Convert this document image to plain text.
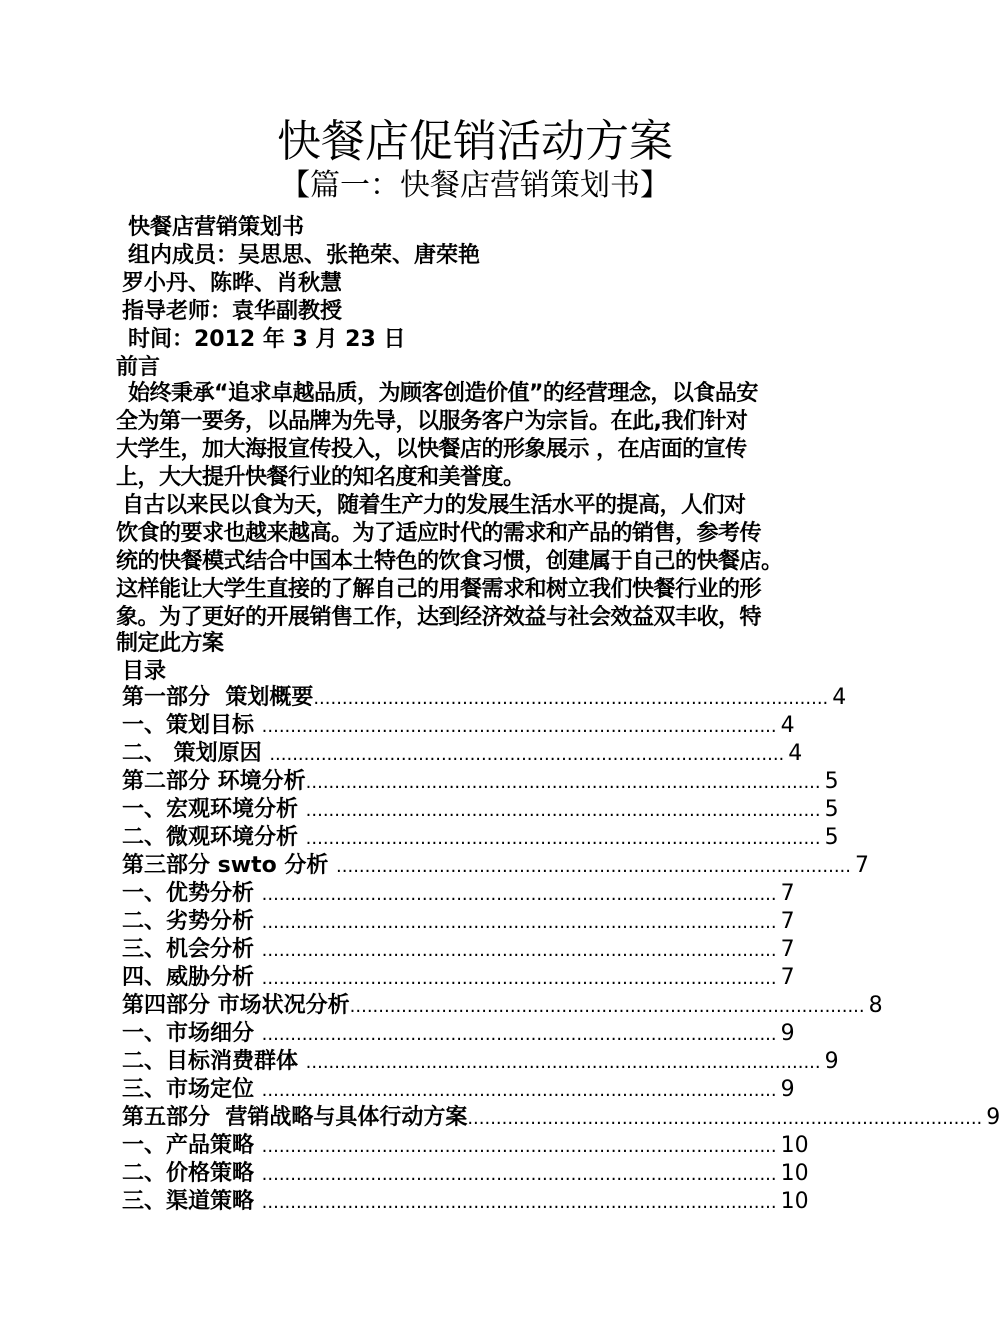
快餐店促销活动方案
【篇一：快餐店营销策划书】
快餐店营销策划书
组内成员：吴思思、张艳荣、唐荣艳
罗小丹、陈晔、肖秋慧
指导老师：袁华副教授
时间：2012 年 3 月 23 日
前言
始终秉承“追求卓越品质，为顾客创造价值”的经营理念，以食品安
全为第一要务，以品牌为先导，以服务客户为宗旨。在此,我们针对
大学生，加大海报宣传投入，以快餐店的形象展示 ，在店面的宣传
上，大大提升快餐行业的知名度和美誉度。
自古以来民以食为天，随着生产力的发展生活水平的提高，人们对
饮食的要求也越来越高。为了适应时代的需求和产品的销售，参考传
统的快餐模式结合中国本土特色的饮食习惯，创建属于自己的快餐店。
这样能让大学生直接的了解自己的用餐需求和树立我们快餐行业的形
象。为了更好的开展销售工作，达到经济效益与社会效益双丰收，特
制定此方案
目录
第一部分  策划概要 .......................................................................................... 4
一、策划目标 .......................................................................................... 4
二、 策划原因 .......................................................................................... 4
第二部分 环境分析 .......................................................................................... 5
一、宏观环境分析 .......................................................................................... 5
二、微观环境分析 .......................................................................................... 5
第三部分 swto 分析 .......................................................................................... 7
一、优势分析 .......................................................................................... 7
二、劣势分析 .......................................................................................... 7
三、机会分析 .......................................................................................... 7
四、威胁分析 .......................................................................................... 7
第四部分 市场状况分析 .......................................................................................... 8
一、市场细分 .......................................................................................... 9
二、目标消费群体 .......................................................................................... 9
三、市场定位 .......................................................................................... 9
第五部分  营销战略与具体行动方案 .......................................................................................... 9
一、产品策略 .......................................................................................... 10
二、价格策略 .......................................................................................... 10
三、渠道策略 .......................................................................................... 10
